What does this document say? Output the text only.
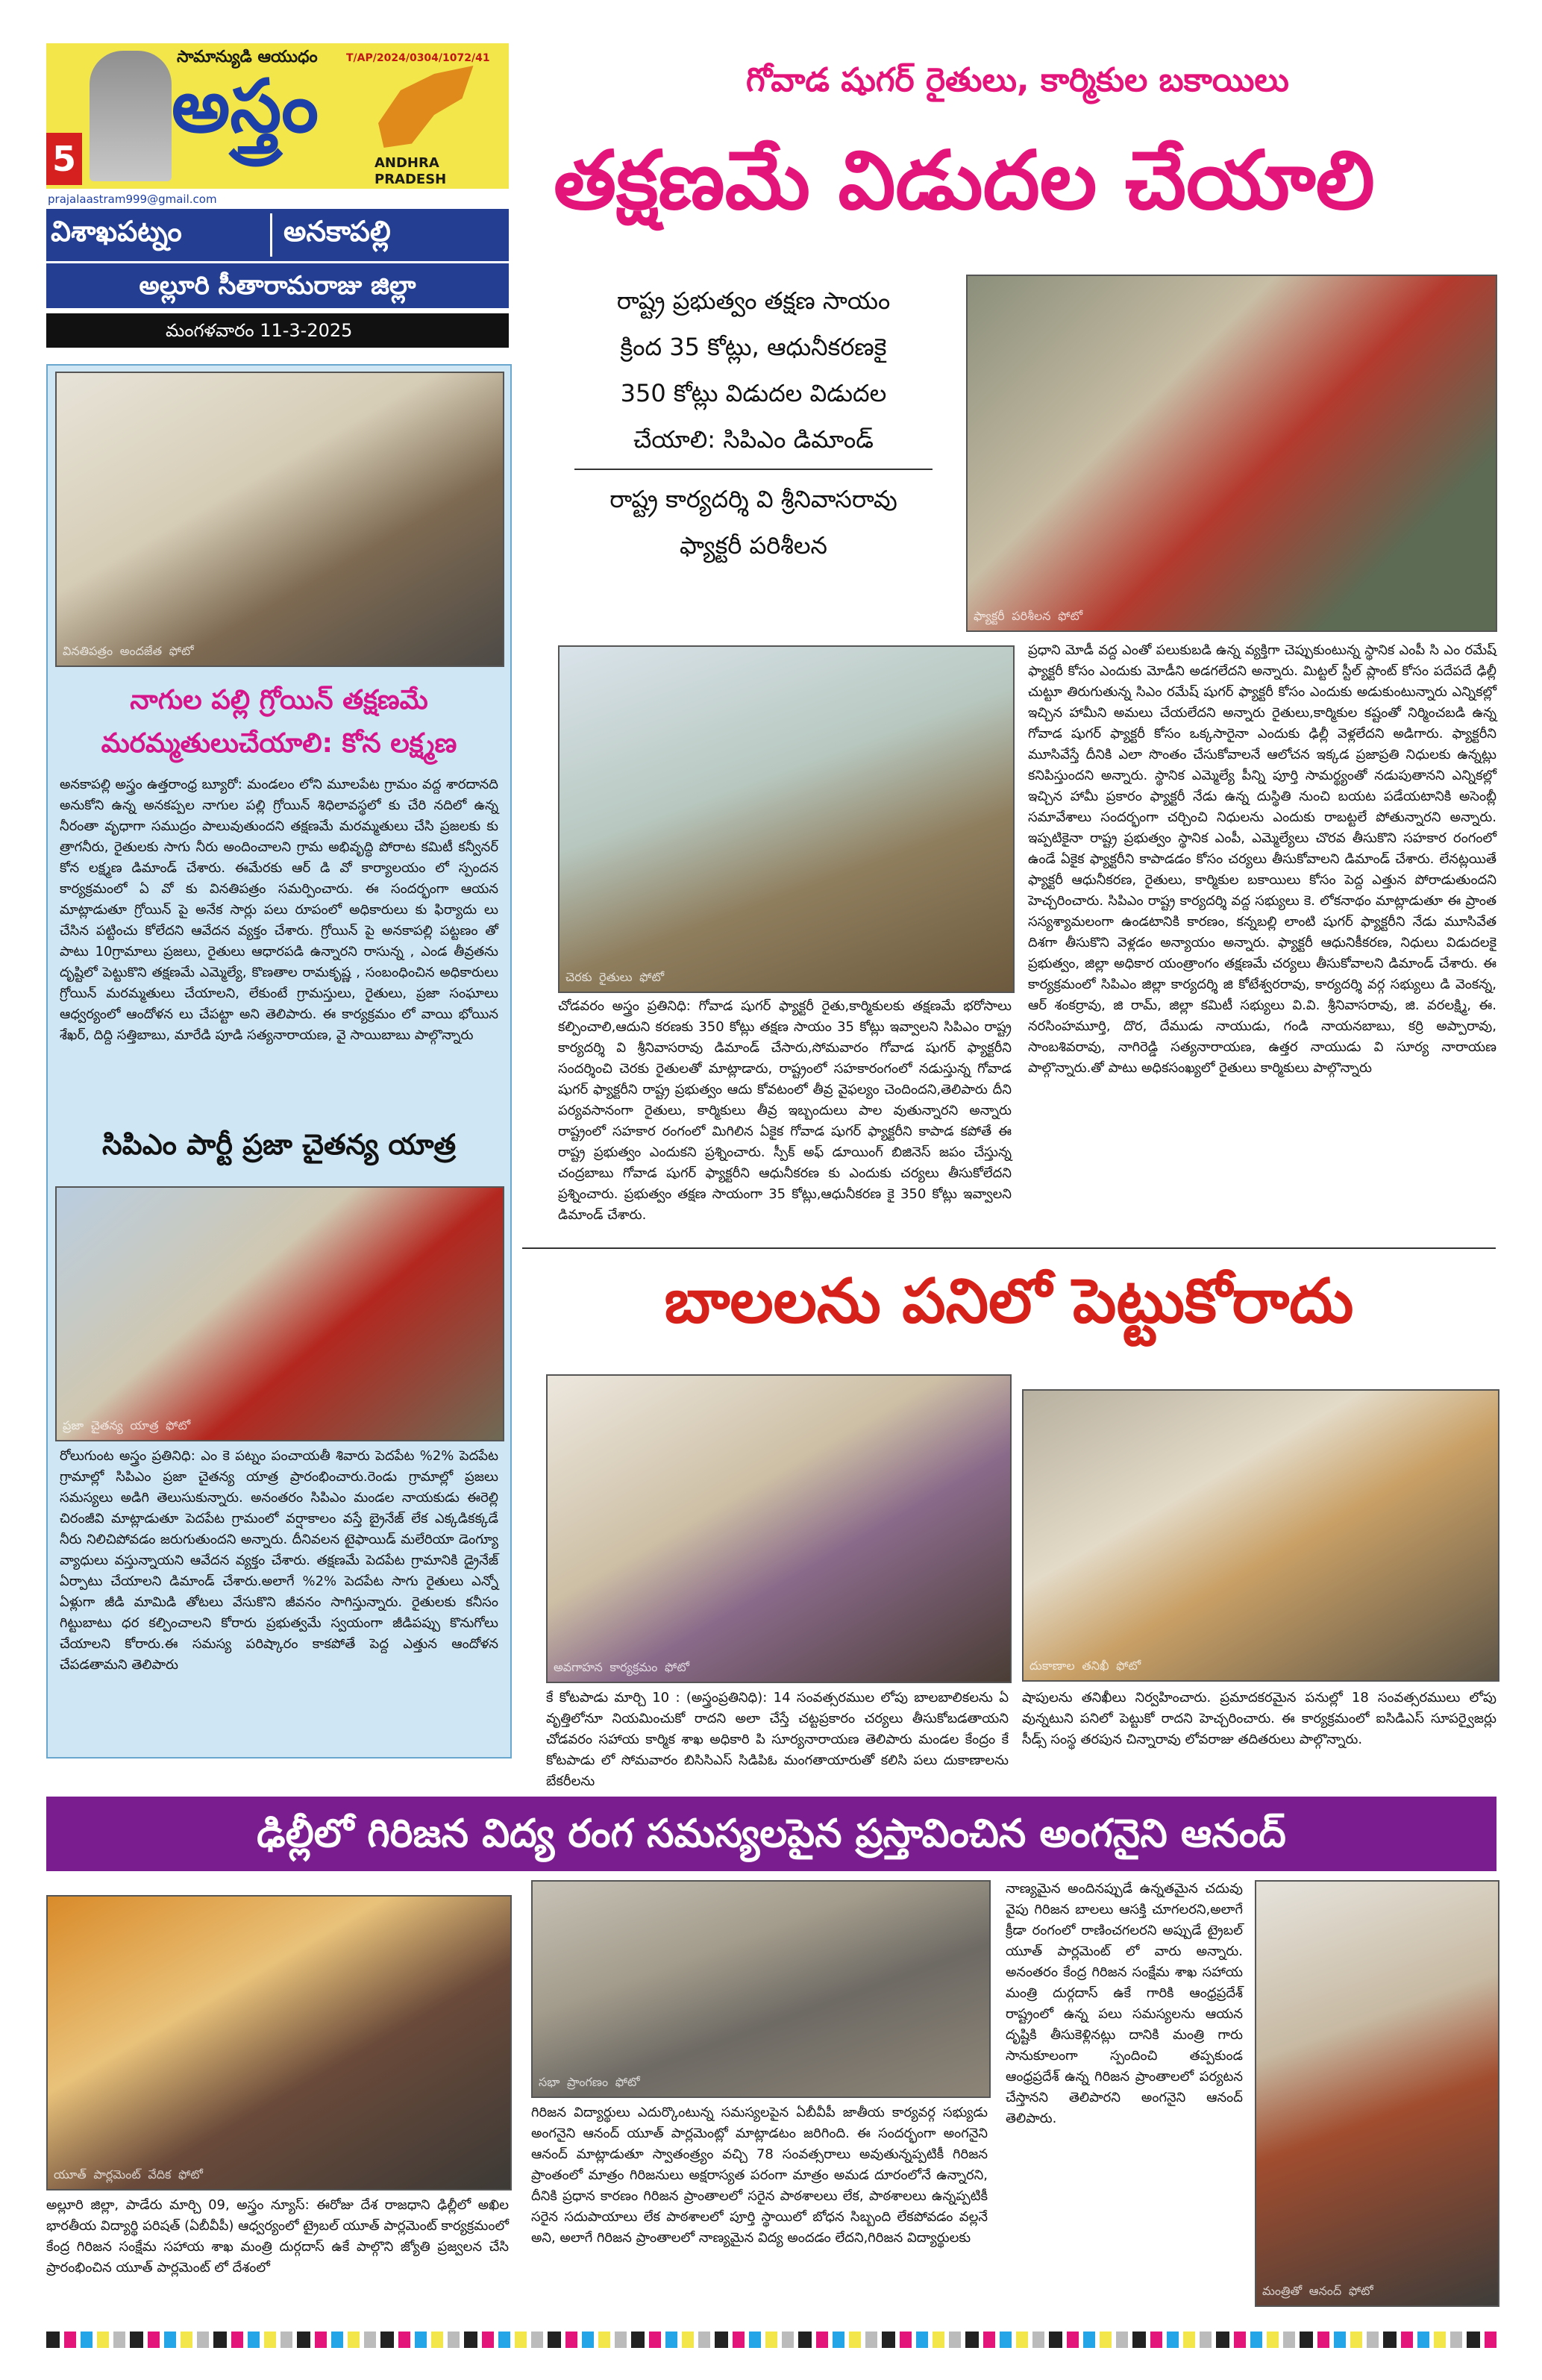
5
సామాన్యుడి ఆయుధం
అస్త్రం
T/AP/2024/0304/1072/41
ANDHRA
PRADESH
prajalaastram999@gmail.com
విశాఖపట్నం	అనకాపల్లి
అల్లూరి సీతారామరాజు జిల్లా
మంగళవారం 11-3-2025
గోవాడ షుగర్ రైతులు, కార్మికుల బకాయిలు
తక్షణమే విడుదల చేయాలి
రాష్ట్ర ప్రభుత్వం తక్షణ సాయం
క్రింద 35 కోట్లు, ఆధునీకరణకై
350 కోట్లు విడుదల విడుదల
చేయాలి: సిపిఎం డిమాండ్
రాష్ట్ర కార్యదర్శి వి శ్రీనివాసరావు
ఫ్యాక్టరీ పరిశీలన
ఫ్యాక్టరీ పరిశీలన ఫోటో
చెరకు రైతులు ఫోటో
చోడవరం అస్త్రం ప్రతినిధి: గోవాడ షుగర్ ఫ్యాక్టరీ రైతు,కార్మికులకు తక్షణమే భరోసాలు కల్పించాలి,ఆదుని కరణకు 350 కోట్లు తక్షణ సాయం 35 కోట్లు ఇవ్వాలని సిపిఎం రాష్ట్ర కార్యదర్శి వి శ్రీనివాసరావు డిమాండ్ చేసారు,సోమవారం గోవాడ షుగర్ ఫ్యాక్టరీని సందర్శించి చెరకు రైతులతో మాట్లాడారు, రాష్ట్రంలో సహకారంగంలో నడుస్తున్న గోవాడ షుగర్ ఫ్యాక్టరీని రాష్ట్ర ప్రభుత్వం ఆదు కోవటంలో తీవ్ర వైఫల్యం చెందిందని,తెలిపారు దీని పర్యవసానంగా రైతులు, కార్మికులు తీవ్ర ఇబ్బందులు పాల వుతున్నారని అన్నారు రాష్ట్రంలో సహకార రంగంలో మిగిలిన ఏకైక గోవాడ షుగర్ ఫ్యాక్టరీని కాపాడ కపోతే ఈ రాష్ట్ర ప్రభుత్వం ఎందుకని ప్రశ్నించారు. స్పీక్ అఫ్ డూయింగ్ బిజినెస్ జపం చేస్తున్న చంద్రబాబు గోవాడ షుగర్ ఫ్యాక్టరీని ఆధునీకరణ కు ఎందుకు చర్యలు తీసుకోలేదని ప్రశ్నించారు. ప్రభుత్వం తక్షణ సాయంగా 35 కోట్లు,ఆధునీకరణ కై 350 కోట్లు ఇవ్వాలని డిమాండ్ చేశారు.
ప్రధాని మోడీ వద్ద ఎంతో పలుకుబడి ఉన్న వ్యక్తిగా చెప్పుకుంటున్న స్థానిక ఎంపీ సి ఎం రమేష్ ఫ్యాక్టరీ కోసం ఎందుకు మోడీని అడగలేదని అన్నారు. మిట్టల్ స్టీల్ ప్లాంట్ కోసం పదేపదే ఢిల్లీ చుట్టూ తిరుగుతున్న సిఎం రమేష్ షుగర్ ఫ్యాక్టరీ కోసం ఎందుకు అడుకుంటున్నారు ఎన్నికల్లో ఇచ్చిన హామీని అమలు చేయలేదని అన్నారు రైతులు,కార్మికుల కష్టంతో నిర్మించబడి ఉన్న గోవాడ షుగర్ ఫ్యాక్టరీ కోసం ఒక్కసారైనా ఎందుకు ఢిల్లీ వెళ్లలేదని అడిగారు. ఫ్యాక్టరీని మూసివేస్తే దీనికి ఎలా సొంతం చేసుకోవాలనే ఆలోచన ఇక్కడ ప్రజాప్రతి నిధులకు ఉన్నట్లు కనిపిస్తుందని అన్నారు. స్థానిక ఎమ్మెల్యే పీన్ని పూర్తి సామర్థ్యంతో నడుపుతానని ఎన్నికల్లో ఇచ్చిన హామీ ప్రకారం ఫ్యాక్టరీ నేడు ఉన్న దుస్థితి నుంచి బయట పడేయటానికి అసెంబ్లీ సమావేశాలు సందర్భంగా చర్చించి నిధులను ఎందుకు రాబట్టలే పోతున్నారని అన్నారు. ఇప్పటికైనా రాష్ట్ర ప్రభుత్వం స్థానిక ఎంపీ, ఎమ్మెల్యేలు చొరవ తీసుకొని సహకార రంగంలో ఉండే ఏకైక ఫ్యాక్టరీని కాపాడడం కోసం చర్యలు తీసుకోవాలని డిమాండ్ చేశారు. లేనట్లయితే ఫ్యాక్టరీ ఆధునీకరణ, రైతులు, కార్మికుల బకాయిలు కోసం పెద్ద ఎత్తున పోరాడుతుందని హెచ్చరించారు. సిపిఎం రాష్ట్ర కార్యదర్శి వద్ద సభ్యులు కె. లోకనాథం మాట్లాడుతూ ఈ ప్రాంత సస్యశ్యామలంగా ఉండటానికి కారణం, కన్నబల్లి లాంటి షుగర్ ఫ్యాక్టరీని నేడు మూసివేత దిశగా తీసుకొని వెళ్లడం అన్యాయం అన్నారు. ఫ్యాక్టరీ ఆధునికీకరణ, నిధులు విడుదలకై ప్రభుత్వం, జిల్లా అధికార యంత్రాంగం తక్షణమే చర్యలు తీసుకోవాలని డిమాండ్ చేశారు. ఈ కార్యక్రమంలో సిపిఎం జిల్లా కార్యదర్శి జి కోటేశ్వరరావు, కార్యదర్శి వర్గ సభ్యులు డి వెంకన్న, ఆర్ శంకర్రావు, జి రామ్, జిల్లా కమిటీ సభ్యులు వి.వి. శ్రీనివాసరావు, జి. వరలక్ష్మి, ఈ. నరసింహమూర్తి, దొర, దేముడు నాయుడు, గండి నాయనబాబు, కర్రి అప్పారావు, సాంబశివరావు, నాగిరెడ్డి సత్యనారాయణ, ఉత్తర నాయుడు వి సూర్య నారాయణ పాల్గొన్నారు.తో పాటు అధికసంఖ్యలో రైతులు కార్మికులు పాల్గొన్నారు
వినతిపత్రం అందజేత ఫోటో
నాగుల పల్లి గ్రోయిన్ తక్షణమే
మరమ్మతులుచేయాలి: కోన లక్ష్మణ
అనకాపల్లి అస్త్రం ఉత్తరాంధ్ర బ్యూరో: మండలం లోని మూలపేట గ్రామం వద్ద శారదానది అనుకోని ఉన్న అనకప్పల నాగుల పల్లి గ్రోయిన్ శిధిలావస్థలో కు చేరి నదిలో ఉన్న నీరంతా వృధాగా సముద్రం పాలువుతుందని తక్షణమే మరమ్మతులు చేసి ప్రజలకు కు త్రాగనీరు, రైతులకు సాగు నీరు అందించాలని గ్రామ అభివృద్ధి పోరాట కమిటీ కన్వీనర్ కోన లక్ష్మణ డిమాండ్ చేశారు. ఈమేరకు ఆర్ డి వో కార్యాలయం లో స్పందన కార్యక్రమంలో ఏ వో కు వినతిపత్రం సమర్పించారు. ఈ సందర్భంగా ఆయన మాట్లాడుతూ గ్రోయిన్ పై అనేక సార్లు పలు రూపంలో అధికారులు కు ఫిర్యాదు లు చేసిన పట్టించు కోలేదని ఆవేదన వ్యక్తం చేశారు. గ్రోయిన్ పై అనకాపల్లి పట్టణం తో పాటు 10గ్రామాలు ప్రజలు, రైతులు ఆధారపడి ఉన్నారని రాసున్న , ఎండ తీవ్రతను దృష్టిలో పెట్టుకొని తక్షణమే ఎమ్మెల్యే, కొణతాల రామకృష్ణ , సంబంధించిన అధికారులు గ్రోయిన్ మరమ్మతులు చేయాలని, లేకుంటే గ్రామస్తులు, రైతులు, ప్రజా సంఘాలు ఆధ్వర్యంలో ఆందోళన లు చేపట్టా అని తెలిపారు. ఈ కార్యక్రమం లో వాయి భోయిన శేఖర్, దిద్ది సత్తిబాబు, మారేడి పూడి సత్యనారాయణ, వై సాయిబాబు పాల్గొన్నారు
సిపిఎం పార్టీ ప్రజా చైతన్య యాత్ర
ప్రజా చైతన్య యాత్ర ఫోటో
రోలుగుంట అస్త్రం ప్రతినిధి: ఎం కె పట్నం పంచాయతీ శివారు పెదపేట %2% పెదపేట గ్రామాల్లో సిపిఎం ప్రజా చైతన్య యాత్ర ప్రారంభించారు.రెండు గ్రామాల్లో ప్రజలు సమస్యలు అడిగి తెలుసుకున్నారు. అనంతరం సిపిఎం మండల నాయకుడు ఈరెల్లి చిరంజీవి మాట్లాడుతూ పెదపేట గ్రామంలో వర్షాకాలం వస్తే బ్రైనేజ్ లేక ఎక్కడికక్కడే నీరు నిలిచిపోవడం జరుగుతుందని అన్నారు. దీనివలన టైఫాయిడ్ మలేరియా డెంగ్యూ వ్యాధులు వస్తున్నాయని ఆవేదన వ్యక్తం చేశారు. తక్షణమే పెదపేట గ్రామానికి డ్రైనేజ్ ఏర్పాటు చేయాలని డిమాండ్ చేశారు.అలాగే %2% పెదపేట సాగు రైతులు ఎన్నో ఏళ్లుగా జీడి మామిడి తోటలు వేసుకొని జీవనం సాగిస్తున్నారు. రైతులకు కనీసం గిట్టుబాటు ధర కల్పించాలని కోరారు ప్రభుత్వమే స్వయంగా జీడిపప్పు కొనుగోలు చేయాలని కోరారు.ఈ సమస్య పరిష్కారం కాకపోతే పెద్ద ఎత్తున ఆందోళన చేపడతామని తెలిపారు
బాలలను పనిలో పెట్టుకోరాదు
అవగాహన కార్యక్రమం ఫోటో	దుకాణాల తనిఖీ ఫోటో
కే కోటపాడు మార్చి 10 : (అస్త్రంప్రతినిధి): 14 సంవత్సరముల లోపు బాలబాలికలను ఏ వృత్తిలోనూ నియమించుకో రాదని అలా చేస్తే చట్టప్రకారం చర్యలు తీసుకోబడతాయని చోడవరం సహాయ కార్మిక శాఖ అధికారి పి సూర్యనారాయణ తెలిపారు మండల కేంద్రం కే కోటపాడు లో సోమవారం బిసిసిఎస్ సిడిపిఓ మంగతాయారుతో కలిసి పలు దుకాణాలను బేకరీలను
షాపులను తనిఖీలు నిర్వహించారు. ప్రమాదకరమైన పనుల్లో 18 సంవత్సరములు లోపు వున్నటుని పనిలో పెట్టుకో రాదని హెచ్చరించారు. ఈ కార్యక్రమంలో ఐసిడిఎస్ సూపర్వైజర్లు సీడ్స్ సంస్థ తరపున చిన్నారావు లోవరాజు తదితరులు పాల్గొన్నారు.
ఢిల్లీలో గిరిజన విద్య రంగ సమస్యలపైన ప్రస్తావించిన అంగనైని ఆనంద్
యూత్ పార్లమెంట్ వేదిక ఫోటో
సభా ప్రాంగణం ఫోటో
మంత్రితో ఆనంద్ ఫోటో
అల్లూరి జిల్లా, పాడేరు మార్చి 09, అస్త్రం న్యూస్: ఈరోజు దేశ రాజధాని ఢిల్లీలో అఖిల భారతీయ విద్యార్థి పరిషత్ (ఏబీవీపీ) ఆధ్వర్యంలో ట్రైబల్ యూత్ పార్లమెంట్ కార్యక్రమంలో కేంద్ర గిరిజన సంక్షేమ సహాయ శాఖ మంత్రి దుర్గదాస్ ఉకే పాల్గొని జ్యోతి ప్రజ్వలన చేసి ప్రారంభించిన యూత్ పార్లమెంట్ లో దేశంలో
గిరిజన విద్యార్థులు ఎదుర్కొంటున్న సమస్యలపైన ఏబీవీపీ జాతీయ కార్యవర్గ సభ్యుడు అంగనైని ఆనంద్ యూత్ పార్లమెంట్లో మాట్లాడటం జరిగింది. ఈ సందర్భంగా అంగనైని ఆనంద్ మాట్లాడుతూ స్వాతంత్ర్యం వచ్చి 78 సంవత్సరాలు అవుతున్నప్పటికీ గిరిజన ప్రాంతంలో మాత్రం గిరిజనులు అక్షరాస్యత పరంగా మాత్రం అమడ దూరంలోనే ఉన్నారని, దీనికి ప్రధాన కారణం గిరిజన ప్రాంతాలలో సరైన పాఠశాలలు లేక, పాఠశాలలు ఉన్నప్పటికీ సరైన సదుపాయాలు లేక పాఠశాలలో పూర్తి స్థాయిలో బోధన సిబ్బంది లేకపోవడం వల్లనే అని, అలాగే గిరిజన ప్రాంతాలలో నాణ్యమైన విద్య అందడం లేదని,గిరిజన విద్యార్థులకు
నాణ్యమైన అందినప్పుడే ఉన్నతమైన చదువు వైపు గిరిజన బాలలు ఆసక్తి చూగలరని,అలాగే క్రీడా రంగంలో రాణించగలరని అప్పుడే ట్రైబల్ యూత్ పార్లమెంట్ లో వారు అన్నారు. అనంతరం కేంద్ర గిరిజన సంక్షేమ శాఖ సహాయ మంత్రి దుర్గదాస్ ఉకే గారికి ఆంధ్రప్రదేశ్ రాష్ట్రంలో ఉన్న పలు సమస్యలను ఆయన దృష్టికి తీసుకెళ్లినట్లు దానికి మంత్రి గారు సానుకూలంగా స్పందించి తప్పకుండ ఆంధ్రప్రదేశ్ ఉన్న గిరిజన ప్రాంతాలలో పర్యటన చేస్తానని తెలిపారని అంగనైని ఆనంద్ తెలిపారు.
